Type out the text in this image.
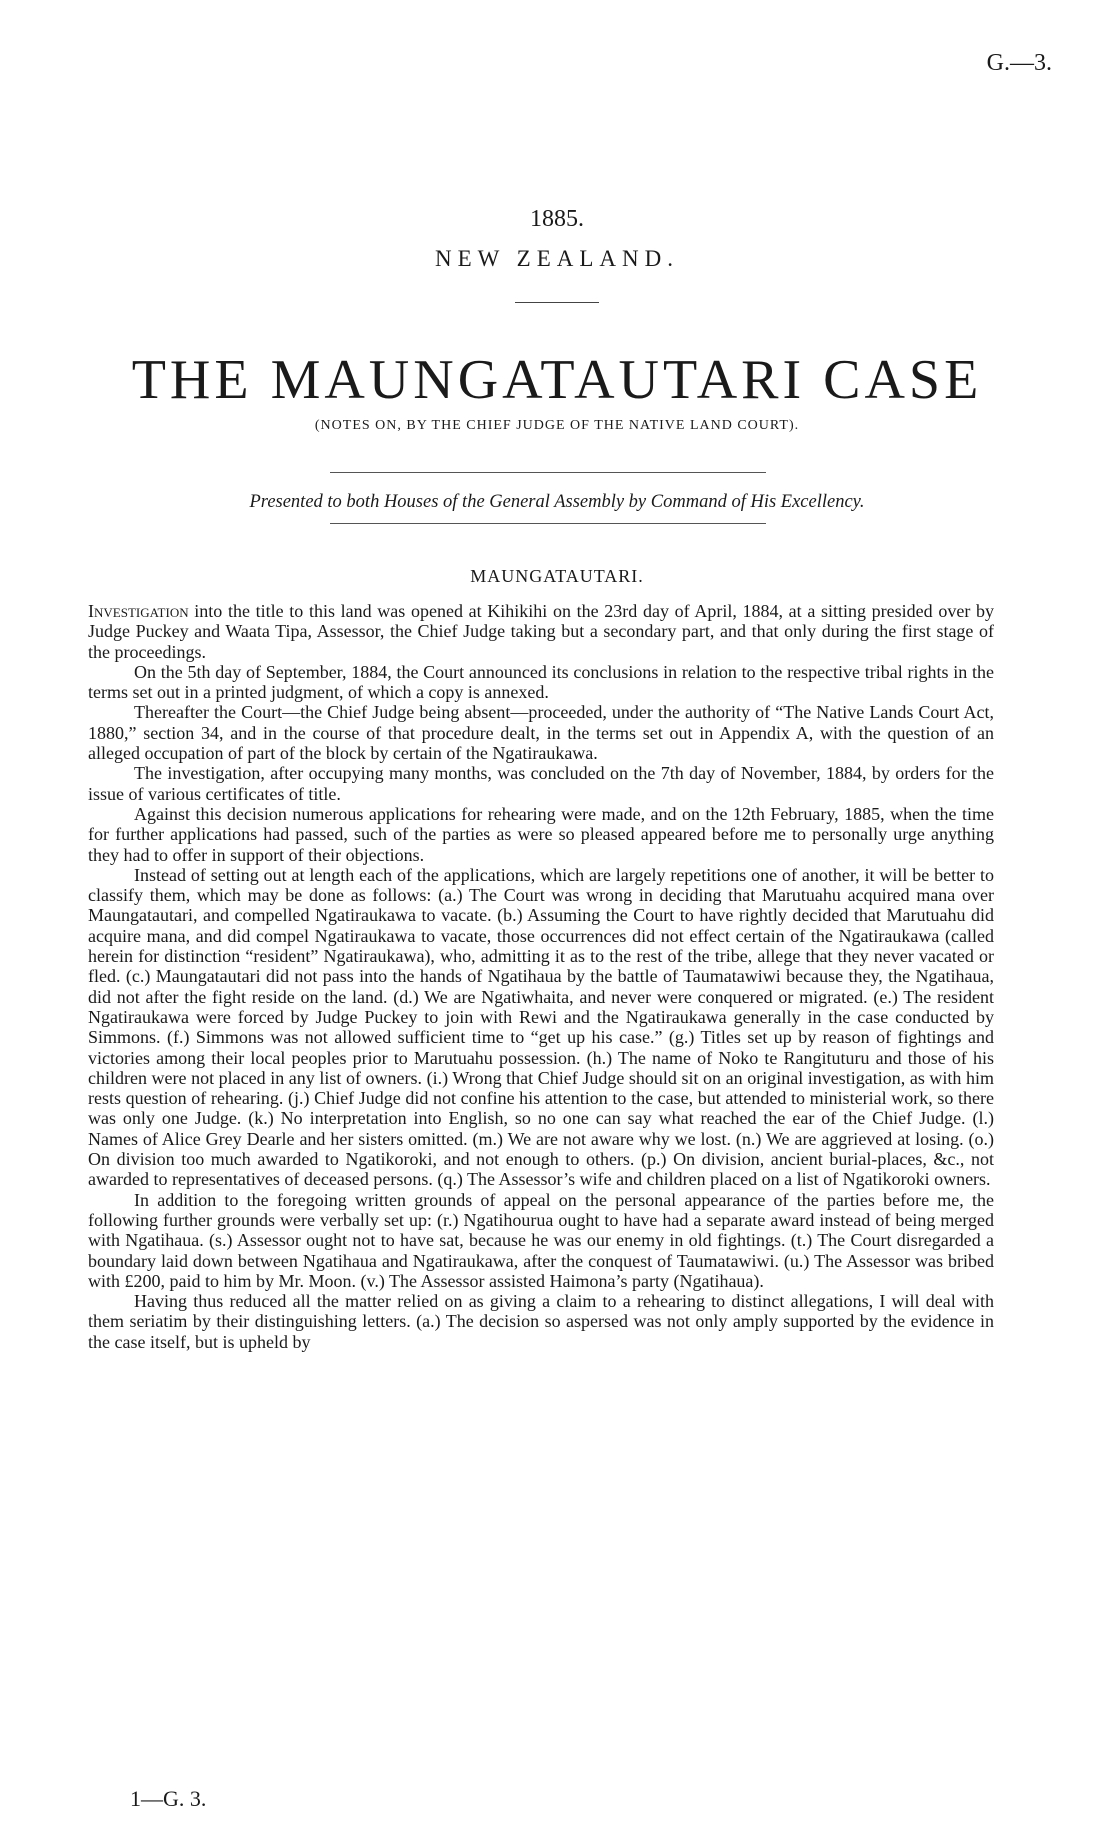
G.—3.
1885.
NEW ZEALAND.
THE MAUNGATAUTARI CASE
(NOTES ON, BY THE CHIEF JUDGE OF THE NATIVE LAND COURT).
Presented to both Houses of the General Assembly by Command of His Excellency.
MAUNGATAUTARI.

Investigation into the title to this land was opened at Kihikihi on the 23rd day of April, 1884, at a sitting presided over by Judge Puckey and Waata Tipa, Assessor, the Chief Judge taking but a secondary part, and that only during the first stage of the proceedings.

On the 5th day of September, 1884, the Court announced its conclusions in relation to the respective tribal rights in the terms set out in a printed judgment, of which a copy is annexed.

Thereafter the Court—the Chief Judge being absent—proceeded, under the authority of “The Native Lands Court Act, 1880,” section 34, and in the course of that procedure dealt, in the terms set out in Appendix A, with the question of an alleged occupation of part of the block by certain of the Ngatiraukawa.

The investigation, after occupying many months, was concluded on the 7th day of November, 1884, by orders for the issue of various certificates of title.

Against this decision numerous applications for rehearing were made, and on the 12th February, 1885, when the time for further applications had passed, such of the parties as were so pleased appeared before me to personally urge anything they had to offer in support of their objections.

Instead of setting out at length each of the applications, which are largely repetitions one of another, it will be better to classify them, which may be done as follows: (a.) The Court was wrong in deciding that Marutuahu acquired mana over Maungatautari, and compelled Ngatiraukawa to vacate. (b.) Assuming the Court to have rightly decided that Marutuahu did acquire mana, and did compel Ngatiraukawa to vacate, those occurrences did not effect certain of the Ngatiraukawa (called herein for distinction “resident” Ngatiraukawa), who, admitting it as to the rest of the tribe, allege that they never vacated or fled. (c.) Maungatautari did not pass into the hands of Ngatihaua by the battle of Taumatawiwi because they, the Ngatihaua, did not after the fight reside on the land. (d.) We are Ngatiwhaita, and never were conquered or migrated. (e.) The resident Ngatiraukawa were forced by Judge Puckey to join with Rewi and the Ngatiraukawa generally in the case conducted by Simmons. (f.) Simmons was not allowed sufficient time to “get up his case.” (g.) Titles set up by reason of fightings and victories among their local peoples prior to Marutuahu possession. (h.) The name of Noko te Rangituturu and those of his children were not placed in any list of owners. (i.) Wrong that Chief Judge should sit on an original investigation, as with him rests question of rehearing. (j.) Chief Judge did not confine his attention to the case, but attended to ministerial work, so there was only one Judge. (k.) No interpretation into English, so no one can say what reached the ear of the Chief Judge. (l.) Names of Alice Grey Dearle and her sisters omitted. (m.) We are not aware why we lost. (n.) We are aggrieved at losing. (o.) On division too much awarded to Ngatikoroki, and not enough to others. (p.) On division, ancient burial-places, &c., not awarded to representatives of deceased persons. (q.) The Assessor’s wife and children placed on a list of Ngatikoroki owners.

In addition to the foregoing written grounds of appeal on the personal appearance of the parties before me, the following further grounds were verbally set up: (r.) Ngatihourua ought to have had a separate award instead of being merged with Ngatihaua. (s.) Assessor ought not to have sat, because he was our enemy in old fightings. (t.) The Court disregarded a boundary laid down between Ngatihaua and Ngatiraukawa, after the conquest of Taumatawiwi. (u.) The Assessor was bribed with £200, paid to him by Mr. Moon. (v.) The Assessor assisted Haimona’s party (Ngatihaua).

Having thus reduced all the matter relied on as giving a claim to a rehearing to distinct allegations, I will deal with them seriatim by their distinguishing letters. (a.) The decision so aspersed was not only amply supported by the evidence in the case itself, but is upheld by

1—G. 3.
